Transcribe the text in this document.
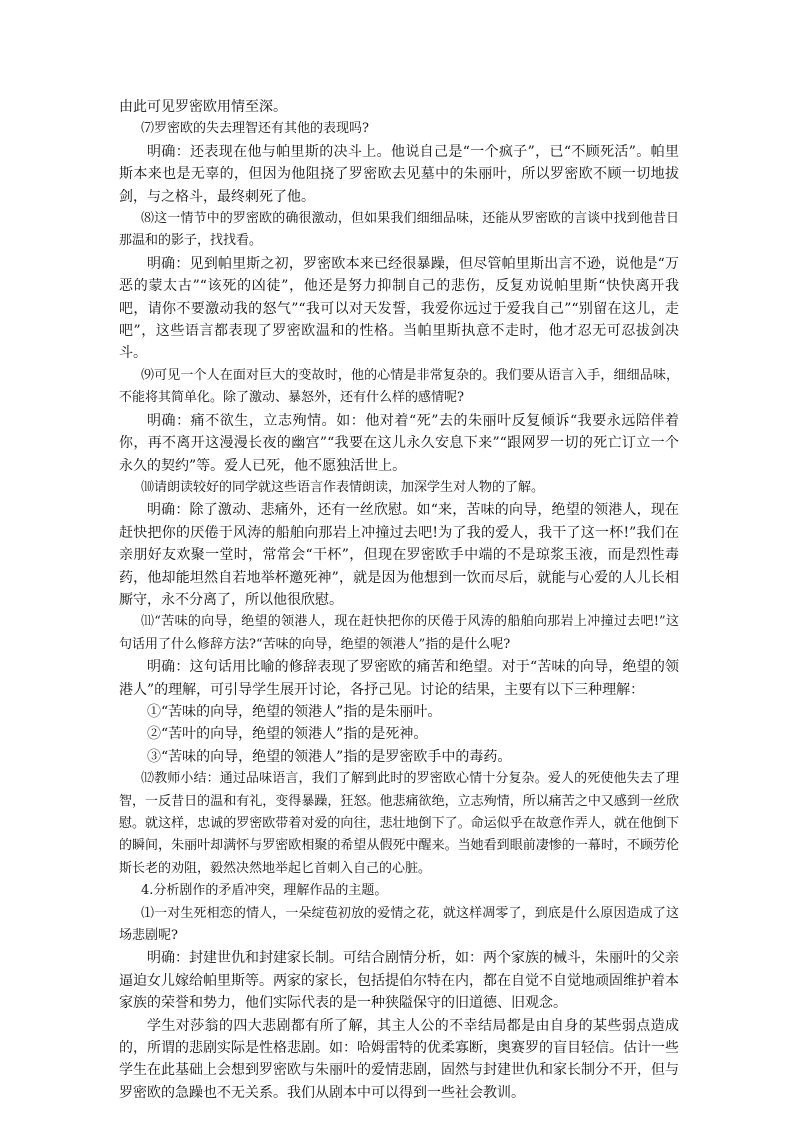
由此可见罗密欧用情至深。

⑺罗密欧的失去理智还有其他的表现吗?

明确：还表现在他与帕里斯的决斗上。他说自己是“一个疯子”，已“不顾死活”。帕里斯本来也是无辜的，但因为他阻挠了罗密欧去见墓中的朱丽叶，所以罗密欧不顾一切地拔剑，与之格斗，最终刺死了他。

⑻这一情节中的罗密欧的确很激动，但如果我们细细品味，还能从罗密欧的言谈中找到他昔日那温和的影子，找找看。

明确：见到帕里斯之初，罗密欧本来已经很暴躁，但尽管帕里斯出言不逊，说他是“万恶的蒙太古”“该死的凶徒”，他还是努力抑制自己的悲伤，反复劝说帕里斯“快快离开我吧，请你不要激动我的怒气”“我可以对天发誓，我爱你远过于爱我自己”“别留在这儿，走吧”，这些语言都表现了罗密欧温和的性格。当帕里斯执意不走时，他才忍无可忍拔剑决斗。

⑼可见一个人在面对巨大的变故时，他的心情是非常复杂的。我们要从语言入手，细细品味，不能将其简单化。除了激动、暴怒外，还有什么样的感情呢?

明确：痛不欲生，立志殉情。如：他对着“死”去的朱丽叶反复倾诉“我要永远陪伴着你，再不离开这漫漫长夜的幽宫”“我要在这儿永久安息下来”“跟网罗一切的死亡订立一个永久的契约”等。爱人已死，他不愿独活世上。

⑽请朗读较好的同学就这些语言作表情朗读，加深学生对人物的了解。

明确：除了激动、悲痛外，还有一丝欣慰。如“来，苦味的向导，绝望的领港人，现在赶快把你的厌倦于风涛的船舶向那岩上冲撞过去吧!为了我的爱人，我干了这一杯!”我们在亲朋好友欢聚一堂时，常常会“干杯”，但现在罗密欧手中端的不是琼浆玉液，而是烈性毒药，他却能坦然自若地举杯邀死神”，就是因为他想到一饮而尽后，就能与心爱的人儿长相厮守，永不分离了，所以他很欣慰。

⑾“苦味的向导，绝望的领港人，现在赶快把你的厌倦于风涛的船舶向那岩上冲撞过去吧!”这句话用了什么修辞方法?“苦味的向导，绝望的领港人”指的是什么呢?

明确：这句话用比喻的修辞表现了罗密欧的痛苦和绝望。对于“苦味的向导，绝望的领港人”的理解，可引导学生展开讨论，各抒己见。讨论的结果，主要有以下三种理解：

①“苦味的向导，绝望的领港人”指的是朱丽叶。

②“苦叶的向导，绝望的领港人”指的是死神。

③“苦味的向导，绝望的领港人”指的是罗密欧手中的毒药。

⑿教师小结：通过品味语言，我们了解到此时的罗密欧心情十分复杂。爱人的死使他失去了理智，一反昔日的温和有礼，变得暴躁，狂怒。他悲痛欲绝，立志殉情，所以痛苦之中又感到一丝欣慰。就这样，忠诚的罗密欧带着对爱的向往，悲壮地倒下了。命运似乎在故意作弄人，就在他倒下的瞬间，朱丽叶却满怀与罗密欧相聚的希望从假死中醒来。当她看到眼前凄惨的一幕时，不顾劳伦斯长老的劝阻，毅然决然地举起匕首刺入自己的心脏。

4.分析剧作的矛盾冲突，理解作品的主题。

⑴一对生死相恋的情人，一朵绽苞初放的爱情之花，就这样凋零了，到底是什么原因造成了这场悲剧呢?

明确：封建世仇和封建家长制。可结合剧情分析，如：两个家族的械斗，朱丽叶的父亲逼迫女儿嫁给帕里斯等。两家的家长，包括提伯尔特在内，都在自觉不自觉地顽固维护着本家族的荣誉和势力，他们实际代表的是一种狭隘保守的旧道德、旧观念。

学生对莎翁的四大悲剧都有所了解，其主人公的不幸结局都是由自身的某些弱点造成的，所谓的悲剧实际是性格悲剧。如：哈姆雷特的优柔寡断，奥赛罗的盲目轻信。估计一些学生在此基础上会想到罗密欧与朱丽叶的爱情悲剧，固然与封建世仇和家长制分不开，但与罗密欧的急躁也不无关系。我们从剧本中可以得到一些社会教训。
